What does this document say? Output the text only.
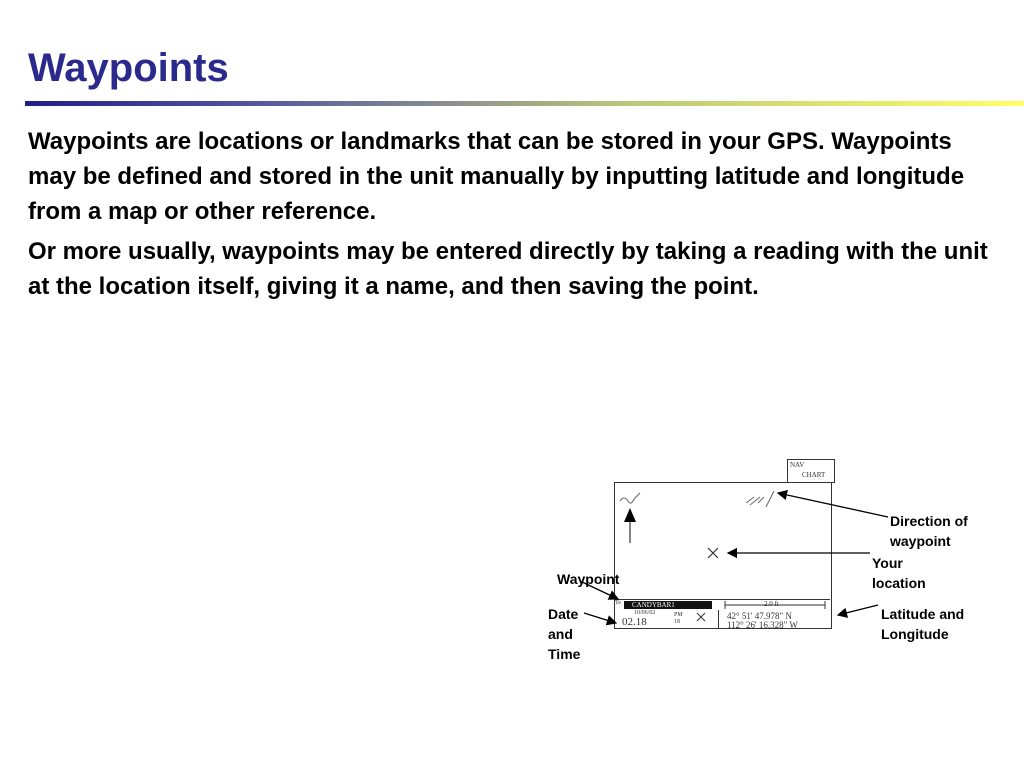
Waypoints

Waypoints are locations or landmarks that can be stored in your GPS. Waypoints may be defined and stored in the unit manually by inputting latitude and longitude from a map or other reference.

Or more usually, waypoints may be entered directly by taking a reading with the unit at the location itself, giving it a name, and then saving the point.

NAV
CHART
Te	CANDYBAR1	2.0 ft
10/06/02
02.18
PM
18
42° 51' 47.978" N
112° 26' 16.328" W
Direction of waypoint
Your location
Latitude and Longitude
Waypoint
Date and Time
